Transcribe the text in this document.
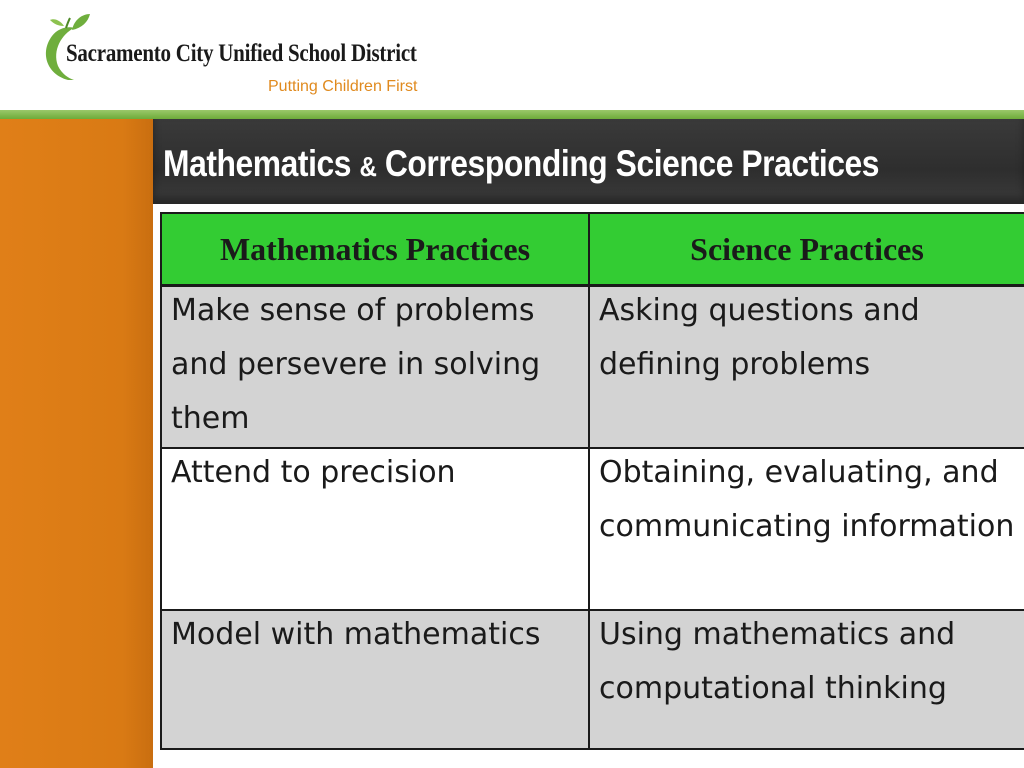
Sacramento City Unified School District
Putting Children First
Mathematics & Corresponding Science Practices
Mathematics Practices	Science Practices

Make sense of problems and persevere in solving them	Asking questions and defining problems

Attend to precision	Obtaining, evaluating, and communicating information

Model with mathematics	Using mathematics and computational thinking
